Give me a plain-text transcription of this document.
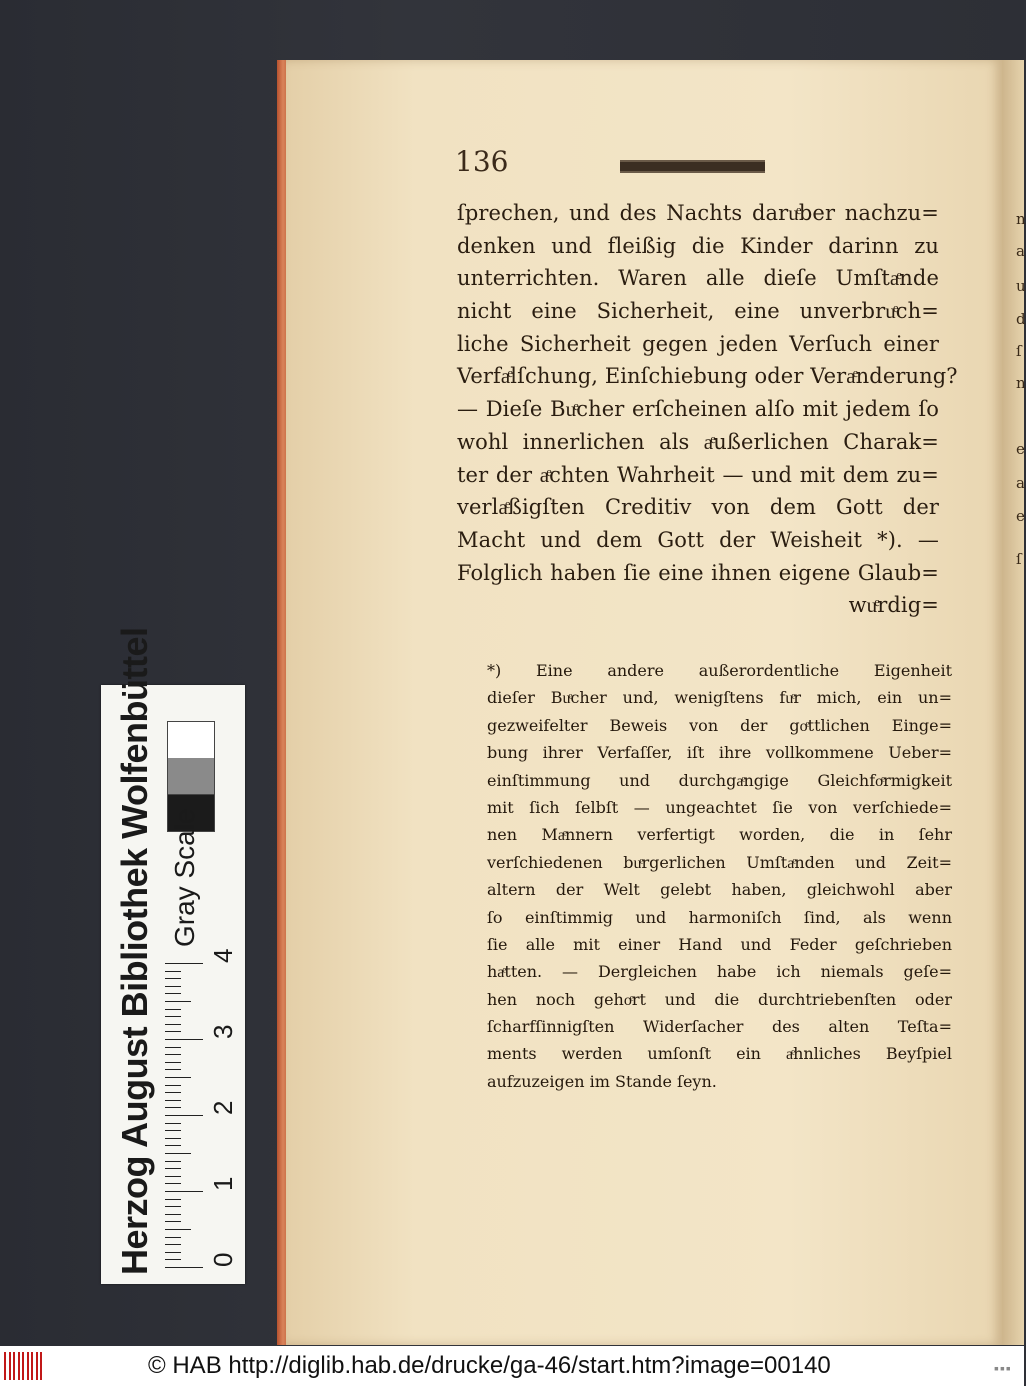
n
a
u
d
ſ
n
e
a
e
ſ
136
ſprechen, und des Nachts daruͤber nachzu=
denken und fleißig die Kinder darinn zu
unterrichten. Waren alle dieſe Umſtaͤnde
nicht eine Sicherheit, eine unverbruͤch=
liche Sicherheit gegen jeden Verſuch einer
Verfaͤlſchung, Einſchiebung oder Veraͤnderung?
— Dieſe Buͤcher erſcheinen alſo mit jedem ſo
wohl innerlichen als aͤußerlichen Charak=
ter der aͤchten Wahrheit — und mit dem zu=
verlaͤßigſten Creditiv von dem Gott der
Macht und dem Gott der Weisheit *). —
Folglich haben ſie eine ihnen eigene Glaub=
wuͤrdig=
*) Eine andere außerordentliche Eigenheit
dieſer Buͤcher und, wenigſtens fuͤr mich, ein un=
gezweifelter Beweis von der goͤttlichen Einge=
bung ihrer Verfaſſer, iſt ihre vollkommene Ueber=
einſtimmung und durchgaͤngige Gleichfoͤrmigkeit
mit ſich ſelbſt — ungeachtet ſie von verſchiede=
nen Maͤnnern verfertigt worden, die in ſehr
verſchiedenen buͤrgerlichen Umſtaͤnden und Zeit=
altern der Welt gelebt haben, gleichwohl aber
ſo einſtimmig und harmoniſch ſind, als wenn
ſie alle mit einer Hand und Feder geſchrieben
haͤtten. — Dergleichen habe ich niemals geſe=
hen noch gehoͤrt und die durchtriebenſten oder
ſcharfſinnigſten Widerſacher des alten Teſta=
ments werden umſonſt ein aͤhnliches Beyſpiel
aufzuzeigen im Stande ſeyn.
Herzog August Bibliothek Wolfenbüttel Gray Scale
0
1
2
3
4
© HAB http://diglib.hab.de/drucke/ga-46/start.htm?image=00140	▪▪▪
